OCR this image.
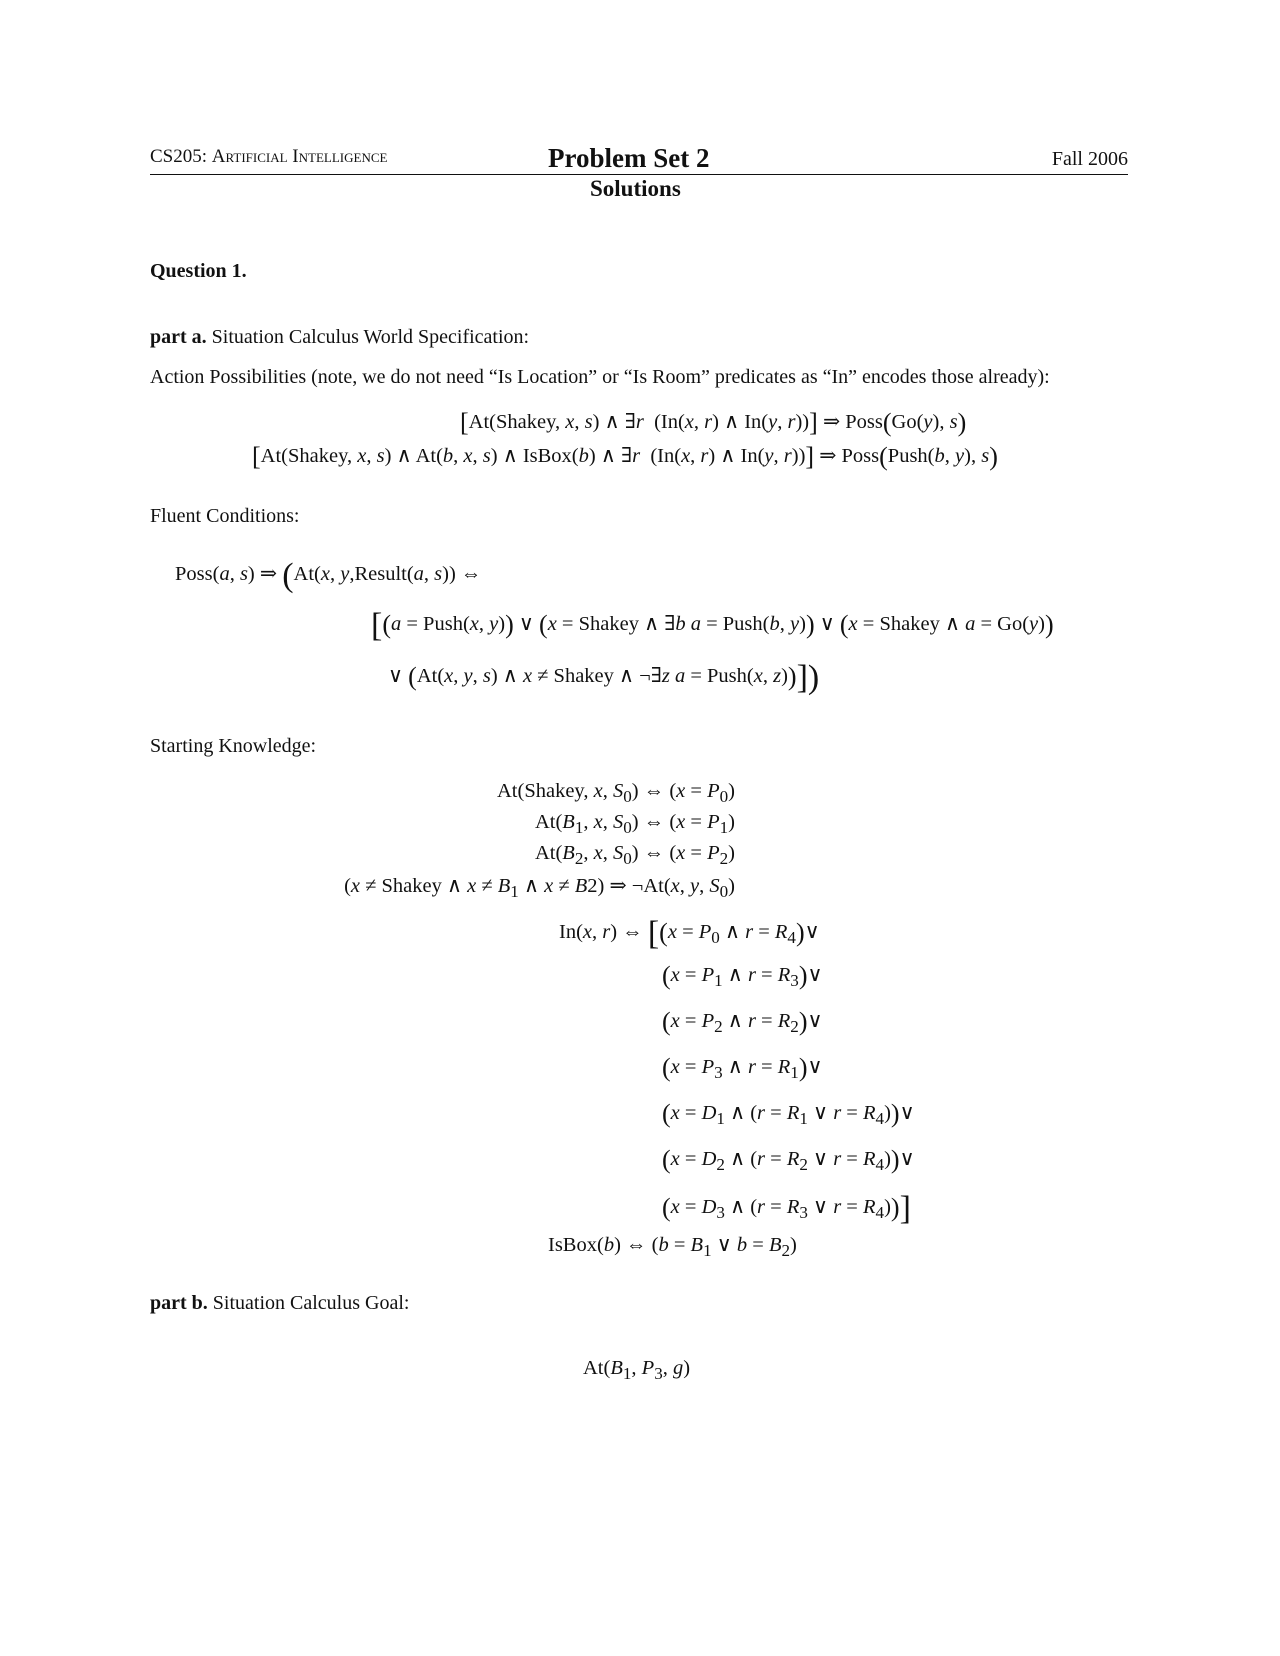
CS205: Artificial Intelligence	Problem Set 2	Fall 2006
Solutions
Question 1.
part a. Situation Calculus World Specification:
Action Possibilities (note, we do not need “Is Location” or “Is Room” predicates as “In” encodes those already):
[At(Shakey, x, s) ∧ ∃r  (In(x, r) ∧ In(y, r))] ⇒ Poss(Go(y), s)
[At(Shakey, x, s) ∧ At(b, x, s) ∧ IsBox(b) ∧ ∃r  (In(x, r) ∧ In(y, r))] ⇒ Poss(Push(b, y), s)
Fluent Conditions:
Poss(a, s) ⇒ (At(x, y,Result(a, s)) ⇔
[(a = Push(x, y)) ∨ (x = Shakey ∧ ∃b a = Push(b, y)) ∨ (x = Shakey ∧ a = Go(y))
∨ (At(x, y, s) ∧ x ≠ Shakey ∧ ¬∃z a = Push(x, z))])
Starting Knowledge:
At(Shakey, x, $S_0$) ⇔ $(x = P_0)$
$At(B_1$, x, $S_0$) ⇔ $(x = P_1)$
$At(B_2$, x, $S_0$) ⇔ $(x = P_2)$
(x ≠ Shakey ∧ $x \ne B_1$ ∧ x ≠ B2) ⇒ ¬At(x, y, $S_0$)
In(x, r) ⇔ [($x = P_0$ ∧ $r = R_4)\vee$
($x = P_1$ ∧ $r = R_3)\vee$
($x = P_2$ ∧ $r = R_2)\vee$
($x = P_3$ ∧ $r = R_1)\vee$
($x = D_1$ ∧ ($r = R_1$ ∨ $r = R_4))\vee$
($x = D_2$ ∧ ($r = R_2$ ∨ $r = R_4))\vee$
($x = D_3$ ∧ ($r = R_3$ ∨ $r = R_4$))]
IsBox(b) ⇔ ($b = B_1$ ∨ $b = B_2$)
part b. Situation Calculus Goal:
$At(B_1$, $P_3$, g)
